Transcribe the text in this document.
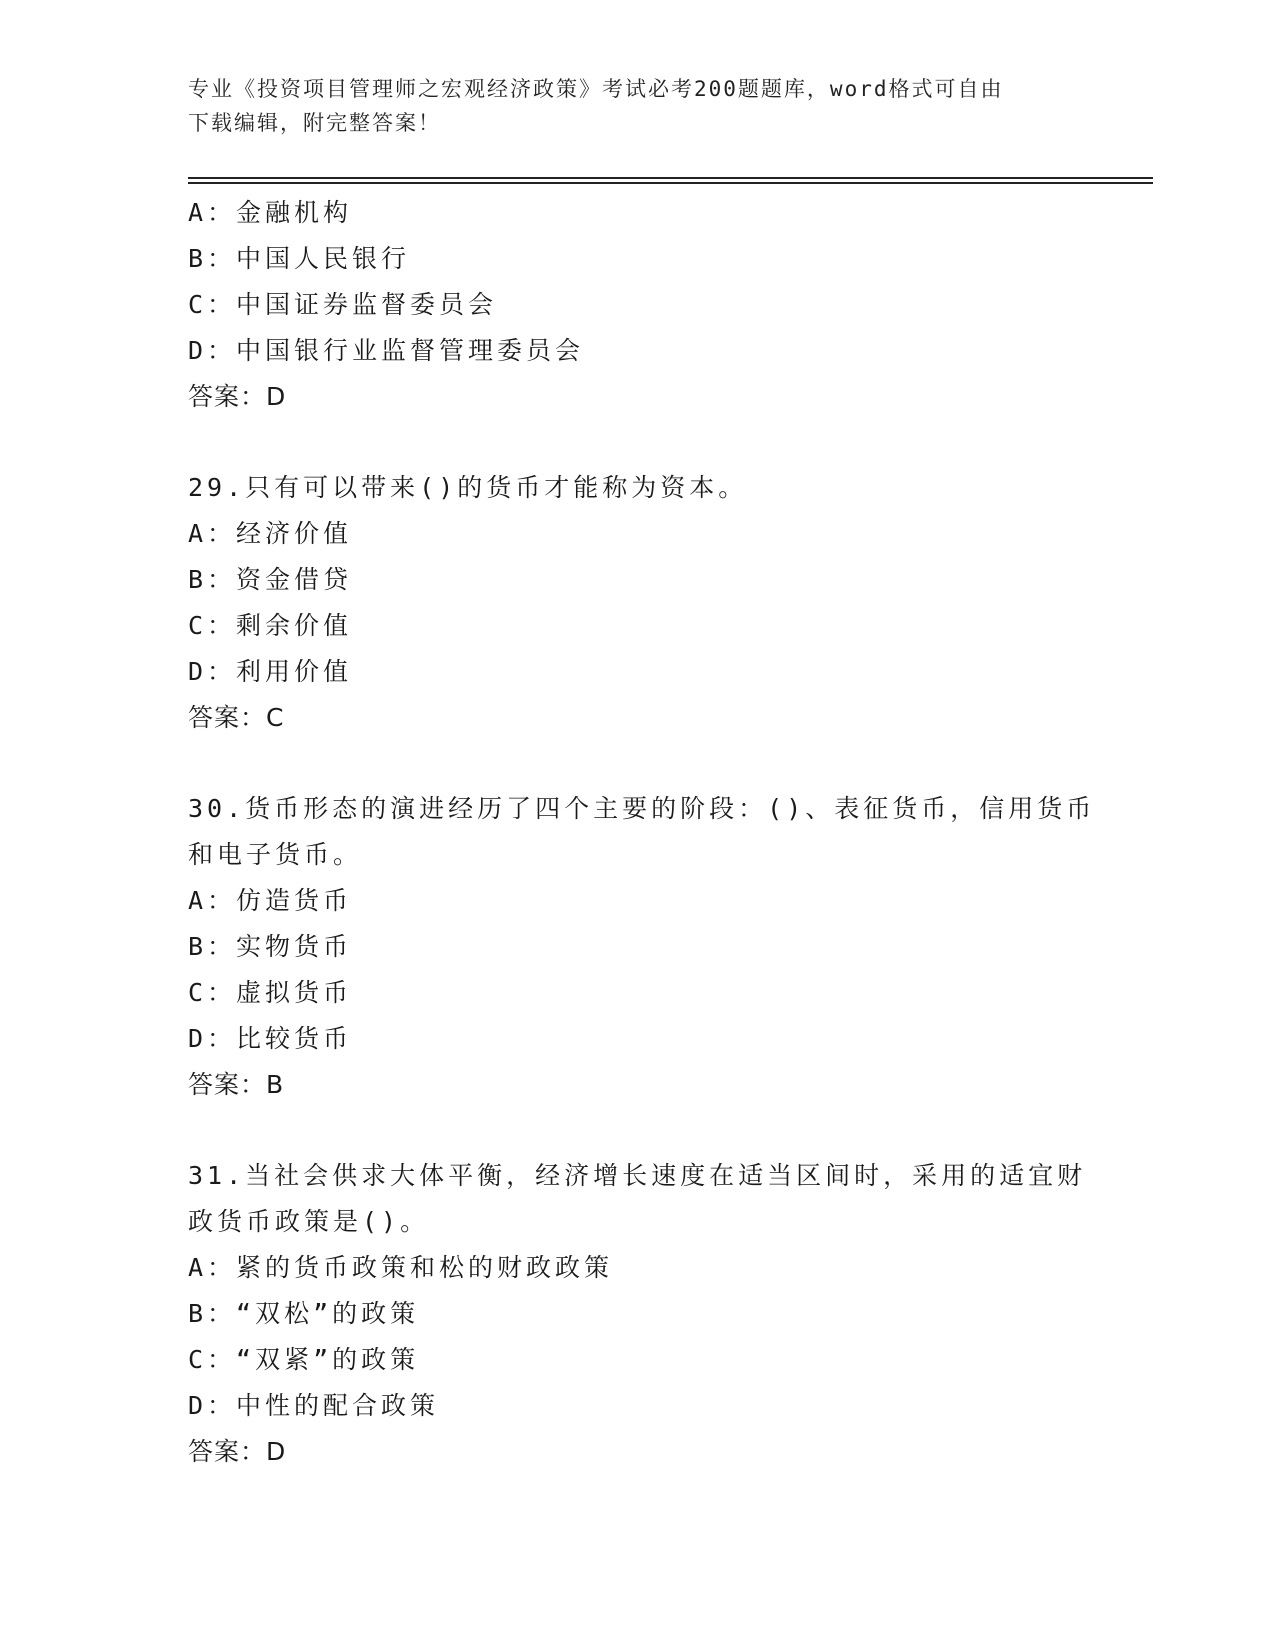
专业《投资项目管理师之宏观经济政策》考试必考200题题库，word格式可自由
下载编辑，附完整答案！
A：金融机构
B：中国人民银行
C：中国证券监督委员会
D：中国银行业监督管理委员会
答案：D
29.只有可以带来()的货币才能称为资本。
A：经济价值
B：资金借贷
C：剩余价值
D：利用价值
答案：C
30.货币形态的演进经历了四个主要的阶段：()、表征货币，信用货币
和电子货币。
A：仿造货币
B：实物货币
C：虚拟货币
D：比较货币
答案：B
31.当社会供求大体平衡，经济增长速度在适当区间时，采用的适宜财
政货币政策是()。
A：紧的货币政策和松的财政政策
B：“双松”的政策
C：“双紧”的政策
D：中性的配合政策
答案：D
